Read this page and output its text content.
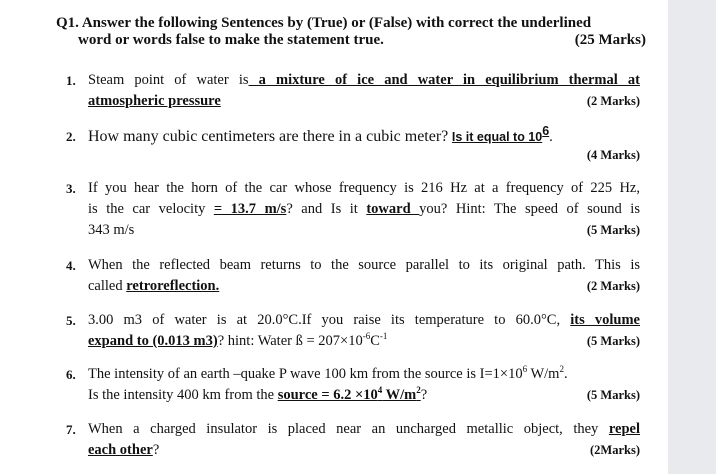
Q1. Answer the following Sentences by (True) or (False) with correct the underlined
word or words false to make the statement true.	(25 Marks)
1. Steam point of water is a mixture of ice and water in equilibrium thermal at
atmospheric pressure	(2 Marks)
2. How many cubic centimeters are there in a cubic meter? Is it equal to $10^6$.
(4 Marks)
3. If you hear the horn of the car whose frequency is 216 Hz at a frequency of 225 Hz,
is the car velocity = 13.7 m/s? and Is it toward you? Hint: The speed of sound is
343 m/s	(5 Marks)
4. When the reflected beam returns to the source parallel to its original path. This is
called retroreflection.	(2 Marks)
5. 3.00 m3 of water is at 20.0°C.If you raise its temperature to 60.0°C, its volume
expand to (0.013 m3)? hint: Water ß = $207\times 10^{-6}C^{-1}$	(5 Marks)
6. The intensity of an earth –quake P wave 100 km from the source is $I=1\times 10^6$ $W/m^2$.
Is the intensity 400 km from the source = $6.2 \times 10^4$ $W/m^2$?	(5 Marks)
7. When a charged insulator is placed near an uncharged metallic object, they repel
each other?	(2Marks)
